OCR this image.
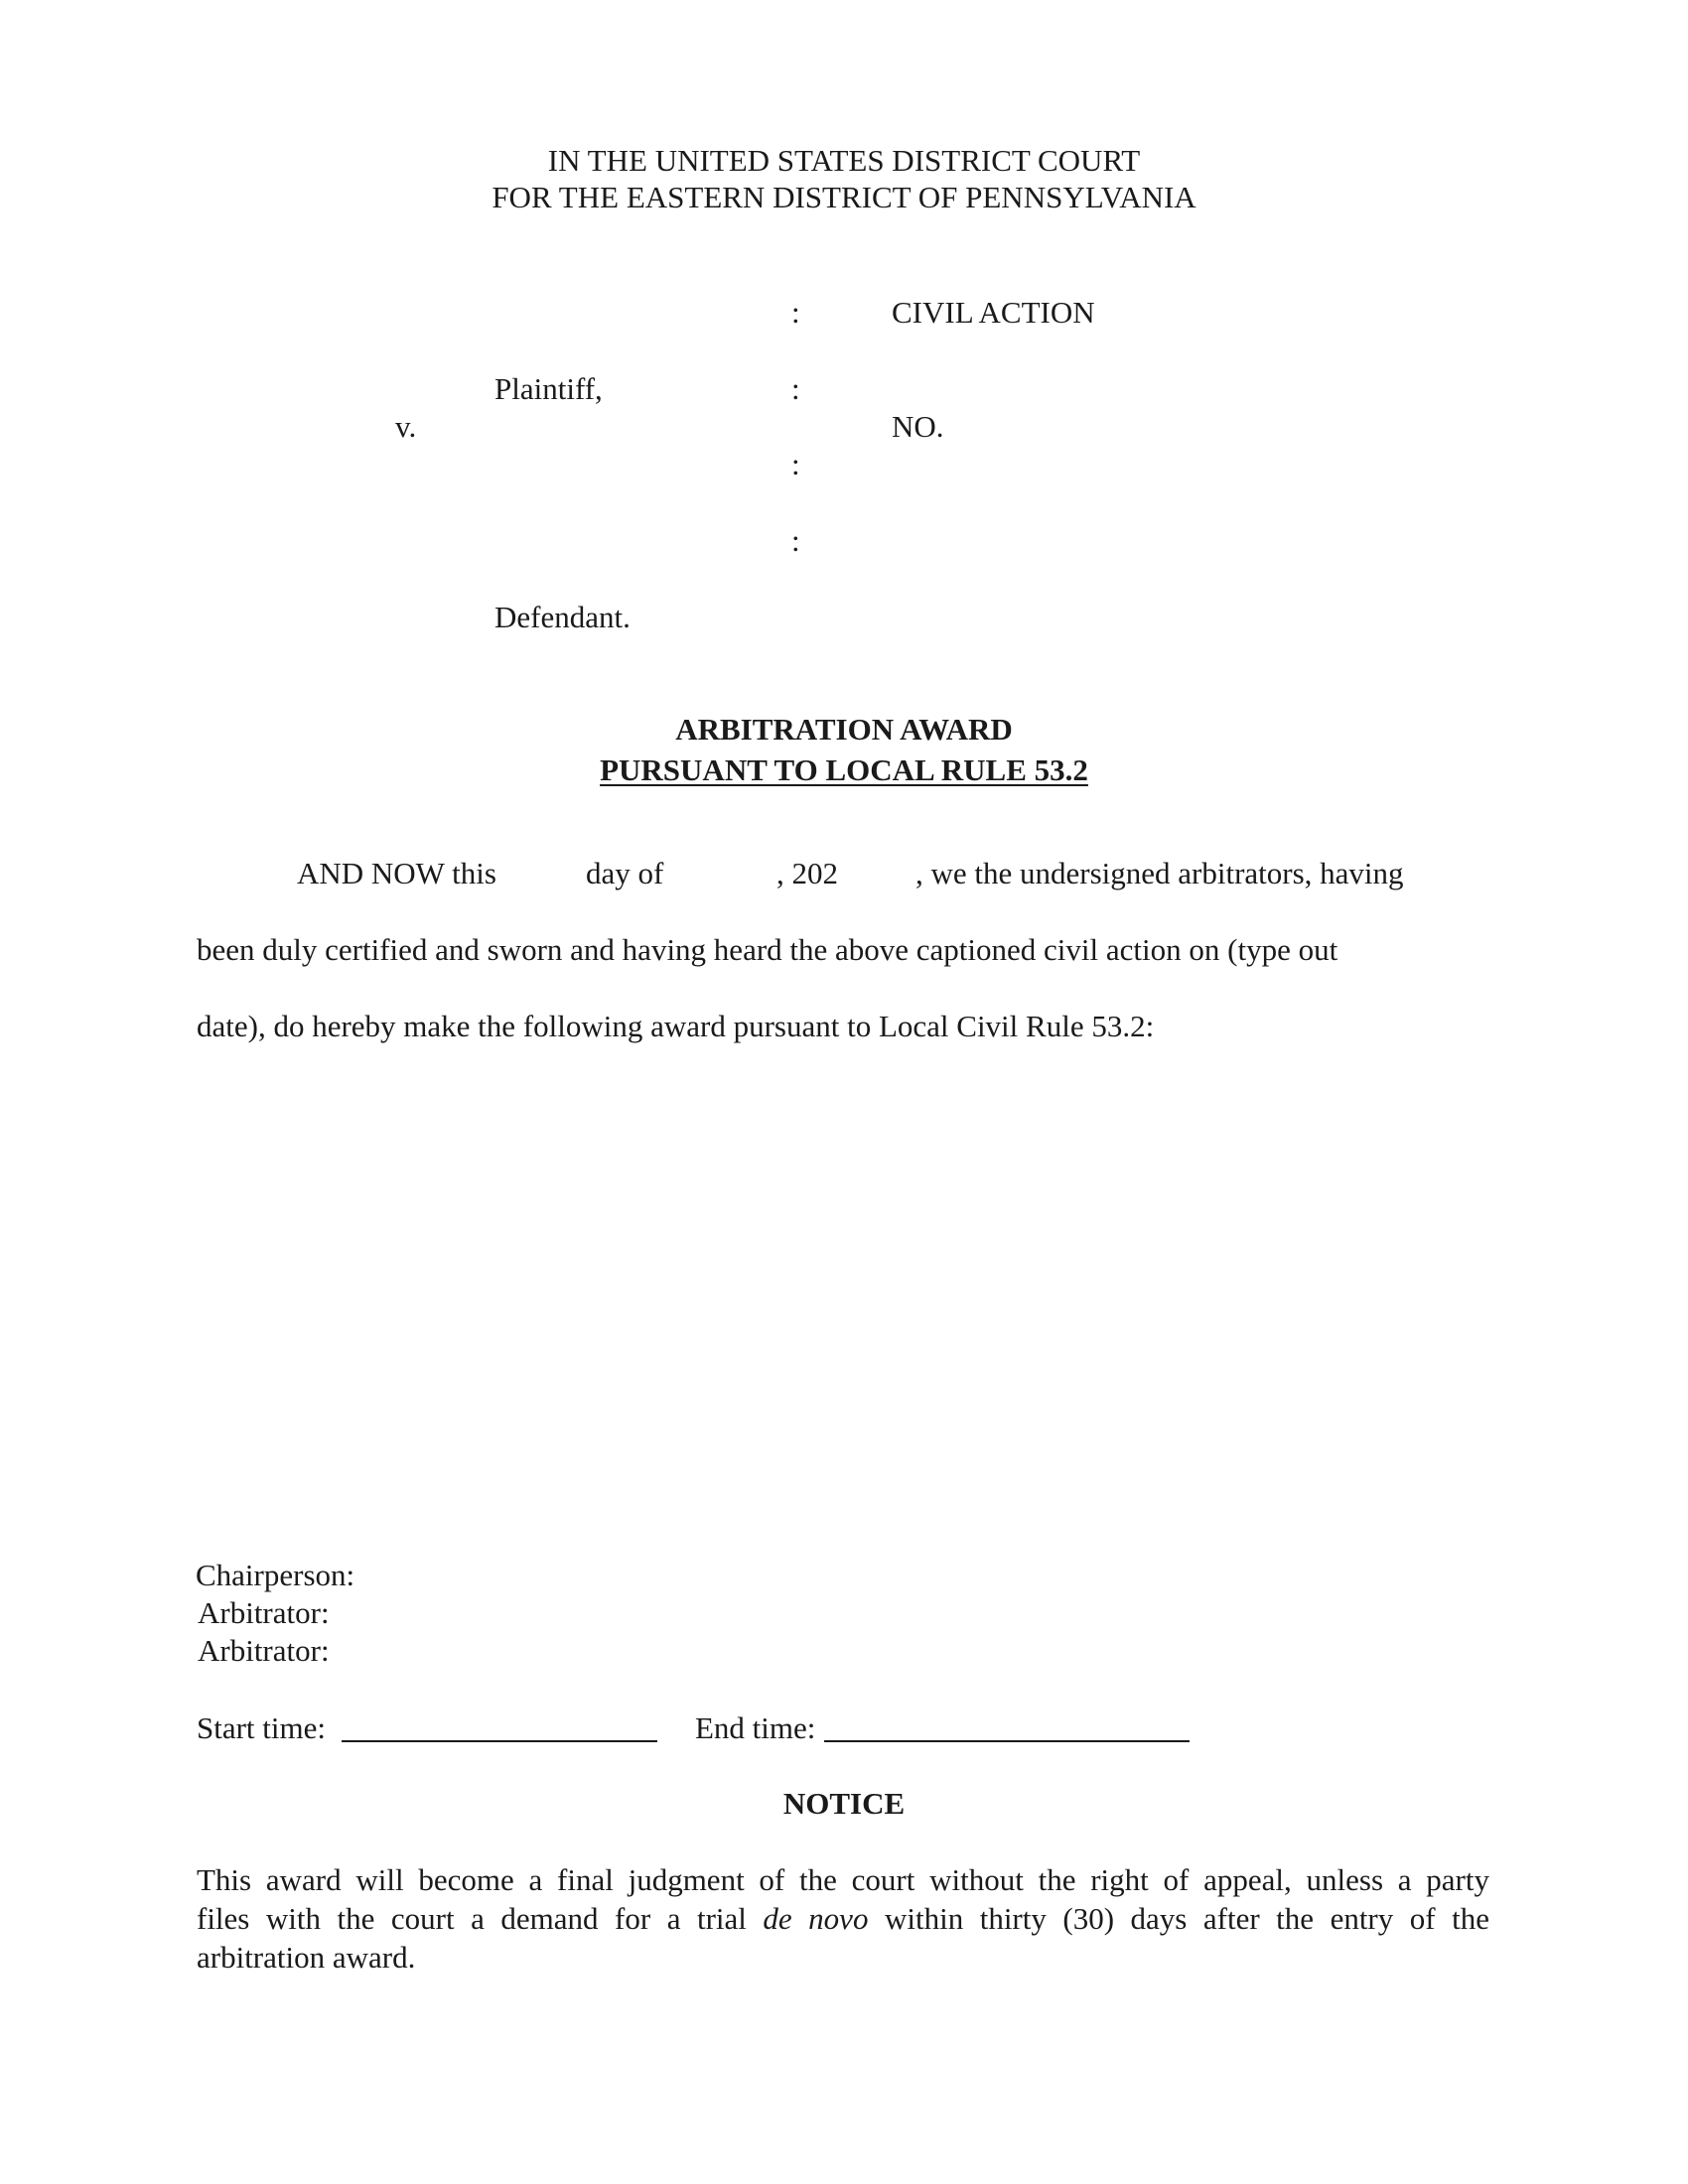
IN THE UNITED STATES DISTRICT COURT
FOR THE EASTERN DISTRICT OF PENNSYLVANIA
:	CIVIL ACTION
Plaintiff,	:
v.	NO.
:
:
Defendant.
ARBITRATION AWARD
PURSUANT TO LOCAL RULE 53.2
AND NOW this	day of	, 202	, we the undersigned arbitrators, having
been duly certified and sworn and having heard the above captioned civil action on (type out
date), do hereby make the following award pursuant to Local Civil Rule 53.2:
Chairperson:
Arbitrator:
Arbitrator:
Start time:	End time:
NOTICE
This award will become a final judgment of the court without the right of appeal, unless a party
files with the court a demand for a trial de novo within thirty (30) days after the entry of the
arbitration award.
